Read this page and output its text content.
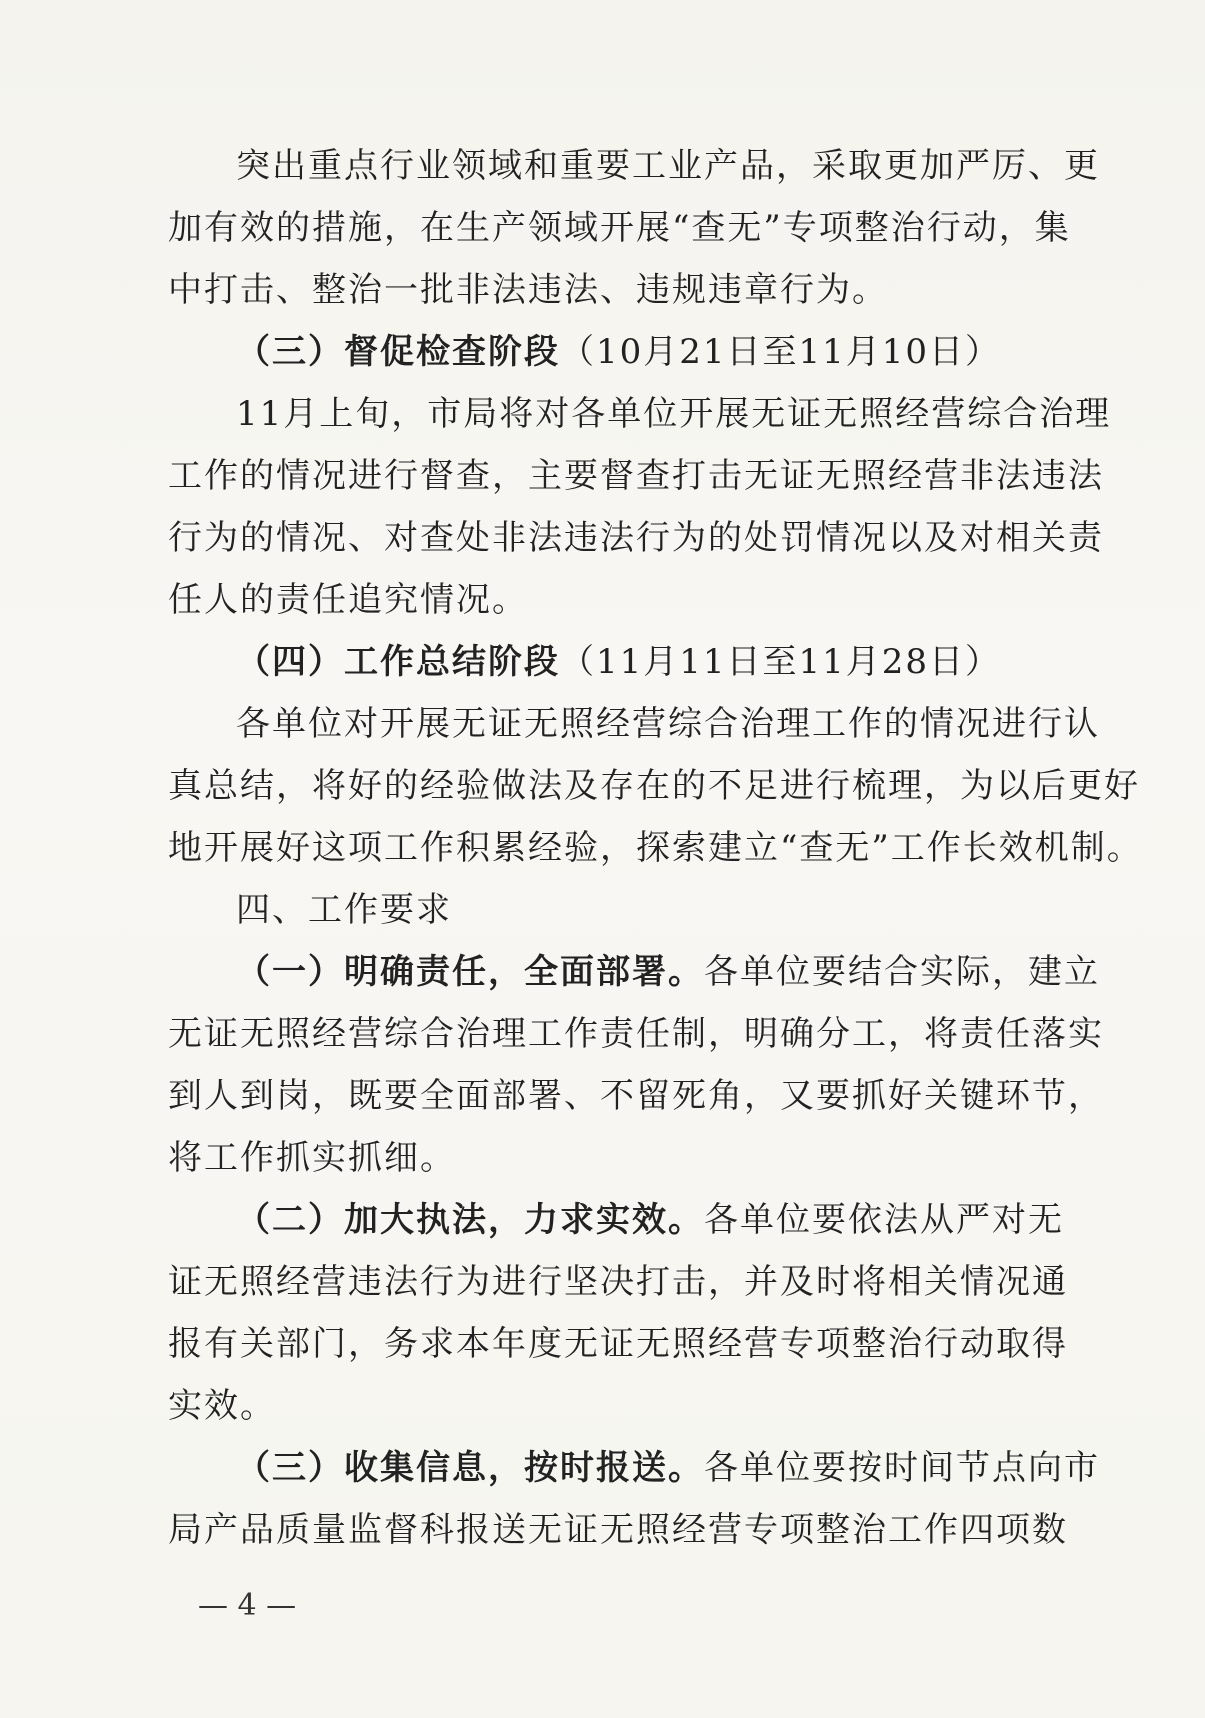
突出重点行业领域和重要工业产品，采取更加严厉、更
加有效的措施，在生产领域开展“查无”专项整治行动，集
中打击、整治一批非法违法、违规违章行为。
（三）督促检查阶段（10月21日至11月10日）
11月上旬，市局将对各单位开展无证无照经营综合治理
工作的情况进行督查，主要督查打击无证无照经营非法违法
行为的情况、对查处非法违法行为的处罚情况以及对相关责
任人的责任追究情况。
（四）工作总结阶段（11月11日至11月28日）
各单位对开展无证无照经营综合治理工作的情况进行认
真总结，将好的经验做法及存在的不足进行梳理，为以后更好
地开展好这项工作积累经验，探索建立“查无”工作长效机制。
四、工作要求
（一）明确责任，全面部署。各单位要结合实际，建立
无证无照经营综合治理工作责任制，明确分工，将责任落实
到人到岗，既要全面部署、不留死角，又要抓好关键环节，
将工作抓实抓细。
（二）加大执法，力求实效。各单位要依法从严对无
证无照经营违法行为进行坚决打击，并及时将相关情况通
报有关部门，务求本年度无证无照经营专项整治行动取得
实效。
（三）收集信息，按时报送。各单位要按时间节点向市
局产品质量监督科报送无证无照经营专项整治工作四项数
— 4 —
